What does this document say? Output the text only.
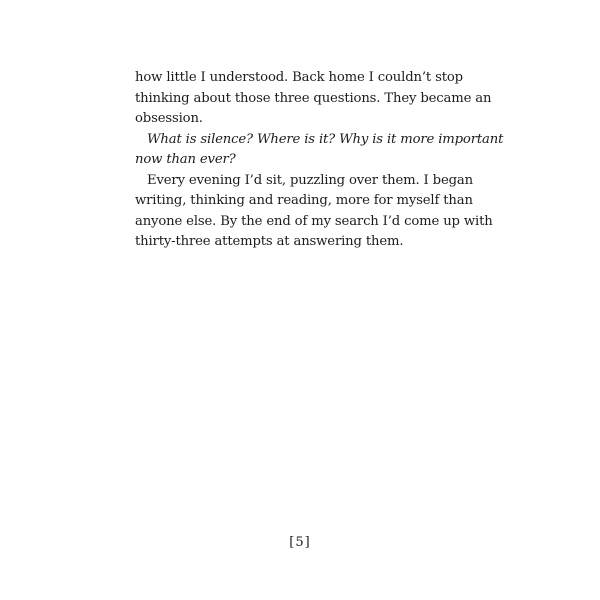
how little I understood. Back home I couldn’t stop
thinking about those three questions. They became an
obsession.
What is silence? Where is it? Why is it more important
now than ever?
Every evening I’d sit, puzzling over them. I began
writing, thinking and reading, more for myself than
anyone else. By the end of my search I’d come up with
thirty-three attempts at answering them.
[5]
